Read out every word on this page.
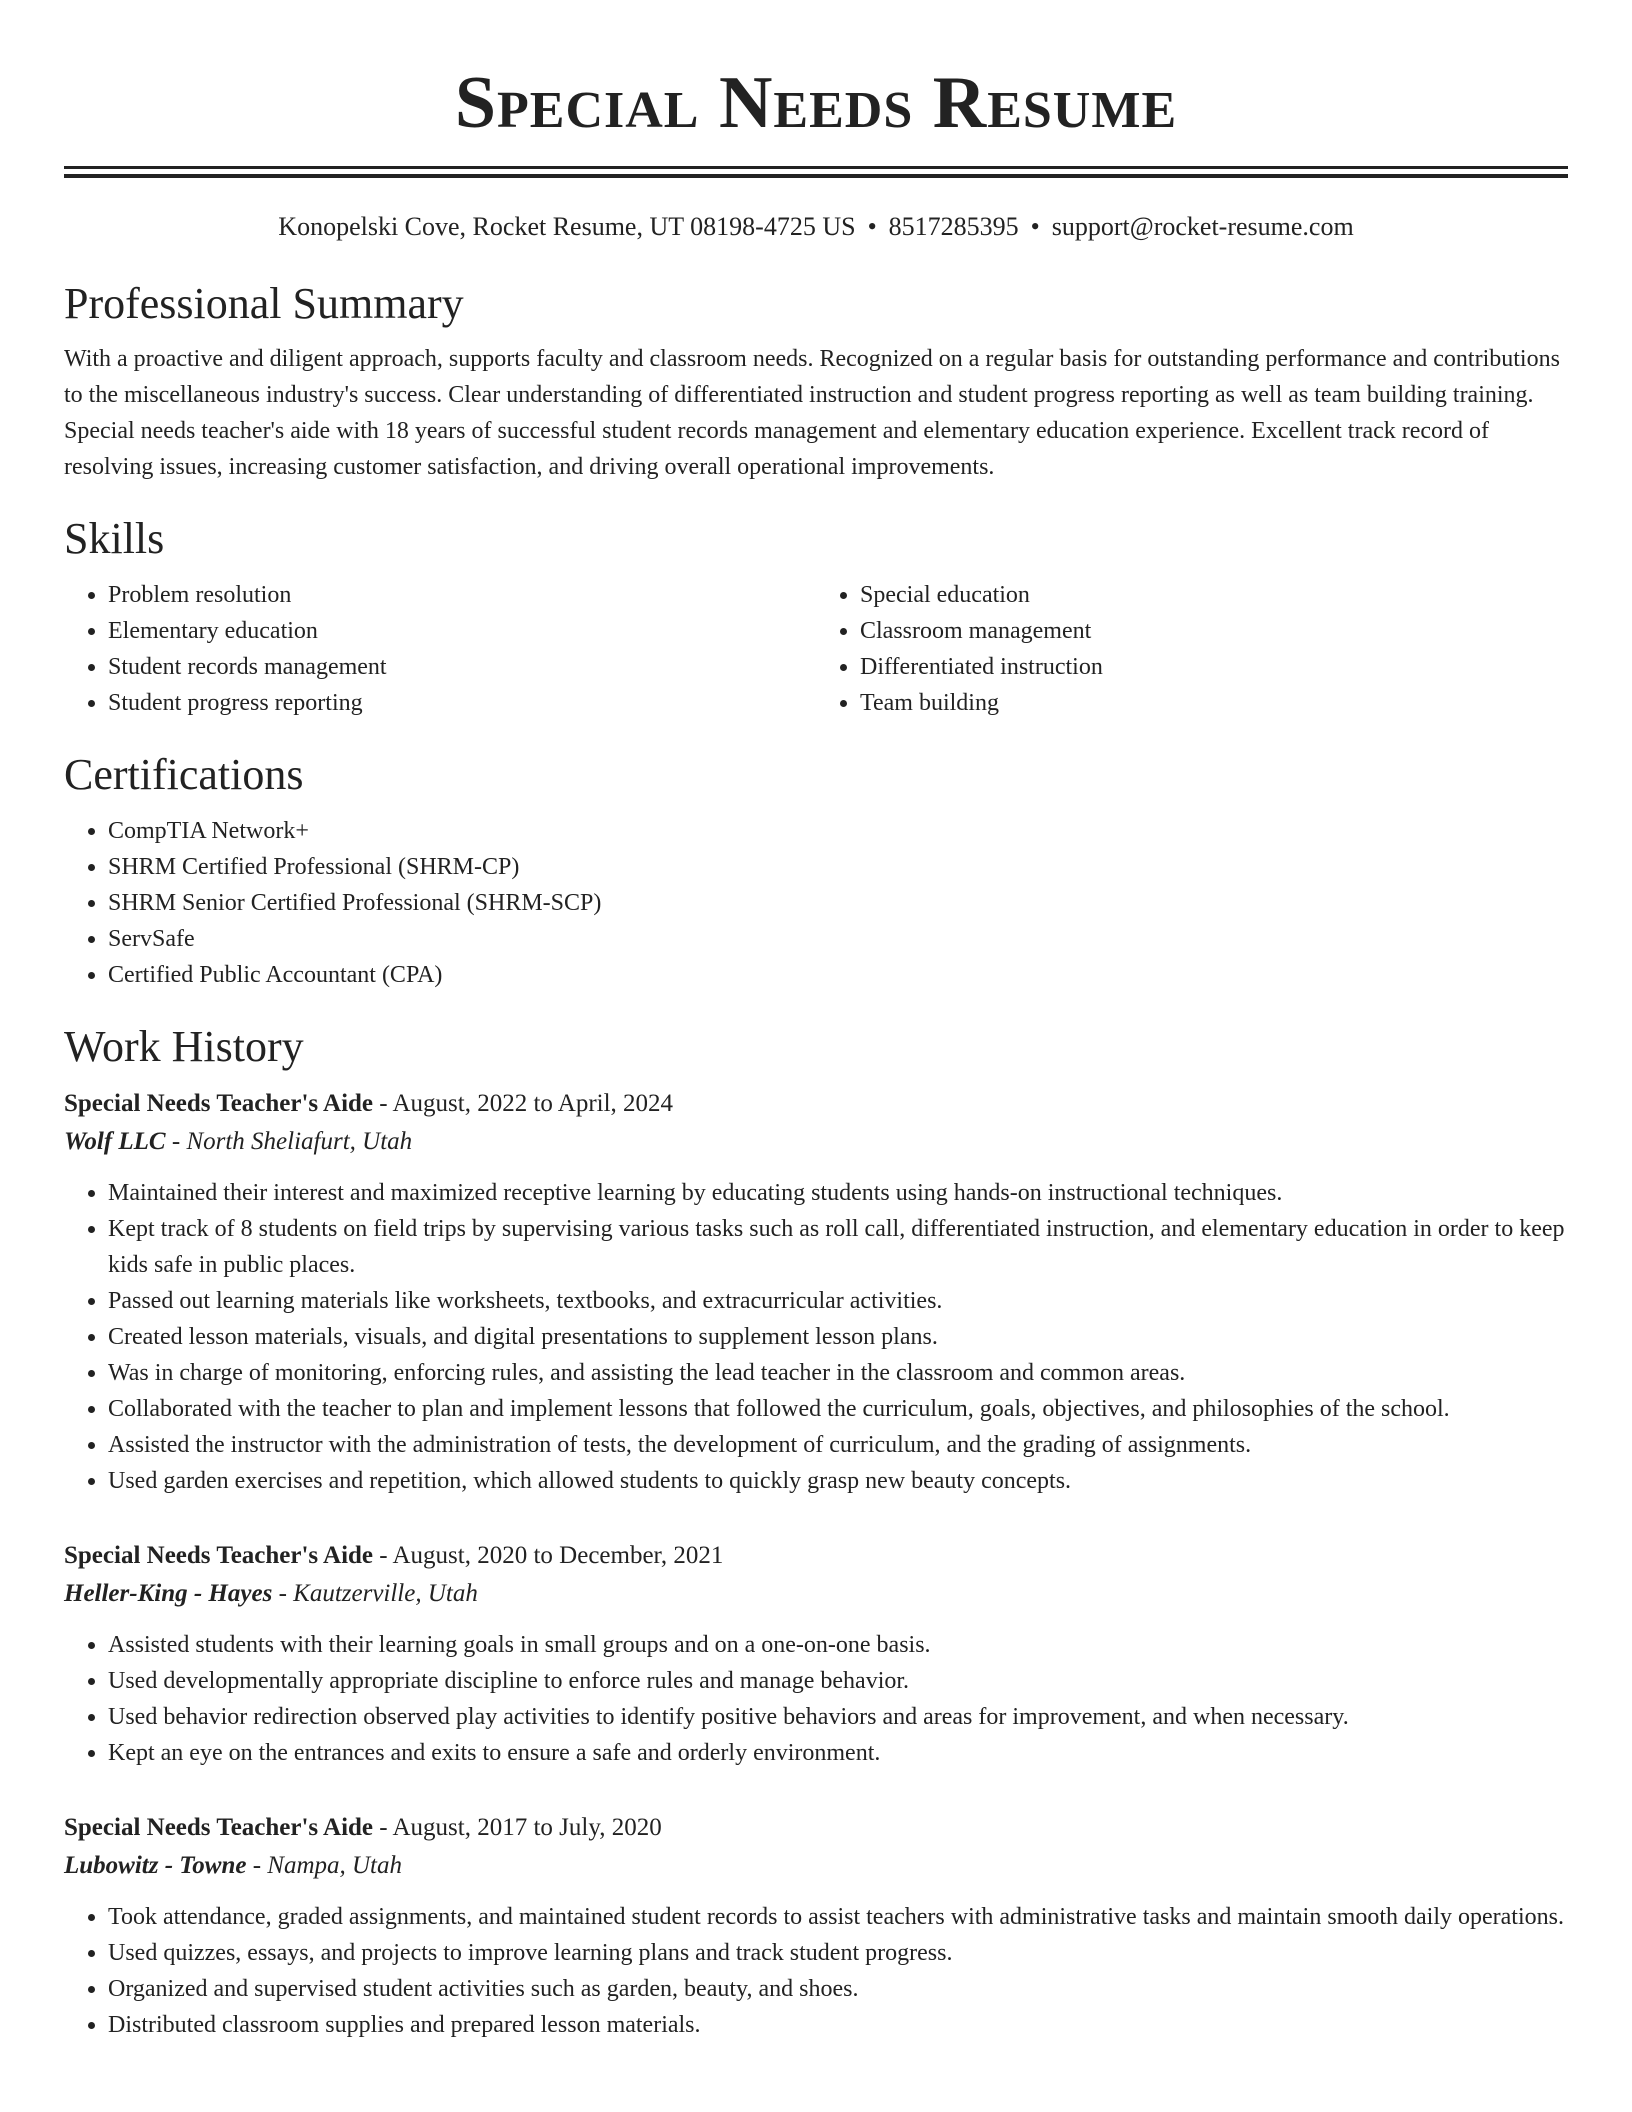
Special Needs Resume
Konopelski Cove, Rocket Resume, UT 08198-4725 US • 8517285395 • support@rocket-resume.com
Professional Summary
With a proactive and diligent approach, supports faculty and classroom needs. Recognized on a regular basis for outstanding performance and contributions to the miscellaneous industry's success. Clear understanding of differentiated instruction and student progress reporting as well as team building training. Special needs teacher's aide with 18 years of successful student records management and elementary education experience. Excellent track record of resolving issues, increasing customer satisfaction, and driving overall operational improvements.
Skills
• Problem resolution
• Elementary education
• Student records management
• Student progress reporting
• Special education
• Classroom management
• Differentiated instruction
• Team building
Certifications
• CompTIA Network+
• SHRM Certified Professional (SHRM-CP)
• SHRM Senior Certified Professional (SHRM-SCP)
• ServSafe
• Certified Public Accountant (CPA)
Work History
Special Needs Teacher's Aide - August, 2022 to April, 2024
Wolf LLC - North Sheliafurt, Utah
• Maintained their interest and maximized receptive learning by educating students using hands-on instructional techniques.
• Kept track of 8 students on field trips by supervising various tasks such as roll call, differentiated instruction, and elementary education in order to keep kids safe in public places.
• Passed out learning materials like worksheets, textbooks, and extracurricular activities.
• Created lesson materials, visuals, and digital presentations to supplement lesson plans.
• Was in charge of monitoring, enforcing rules, and assisting the lead teacher in the classroom and common areas.
• Collaborated with the teacher to plan and implement lessons that followed the curriculum, goals, objectives, and philosophies of the school.
• Assisted the instructor with the administration of tests, the development of curriculum, and the grading of assignments.
• Used garden exercises and repetition, which allowed students to quickly grasp new beauty concepts.
Special Needs Teacher's Aide - August, 2020 to December, 2021
Heller-King - Hayes - Kautzerville, Utah
• Assisted students with their learning goals in small groups and on a one-on-one basis.
• Used developmentally appropriate discipline to enforce rules and manage behavior.
• Used behavior redirection observed play activities to identify positive behaviors and areas for improvement, and when necessary.
• Kept an eye on the entrances and exits to ensure a safe and orderly environment.
Special Needs Teacher's Aide - August, 2017 to July, 2020
Lubowitz - Towne - Nampa, Utah
• Took attendance, graded assignments, and maintained student records to assist teachers with administrative tasks and maintain smooth daily operations.
• Used quizzes, essays, and projects to improve learning plans and track student progress.
• Organized and supervised student activities such as garden, beauty, and shoes.
• Distributed classroom supplies and prepared lesson materials.
